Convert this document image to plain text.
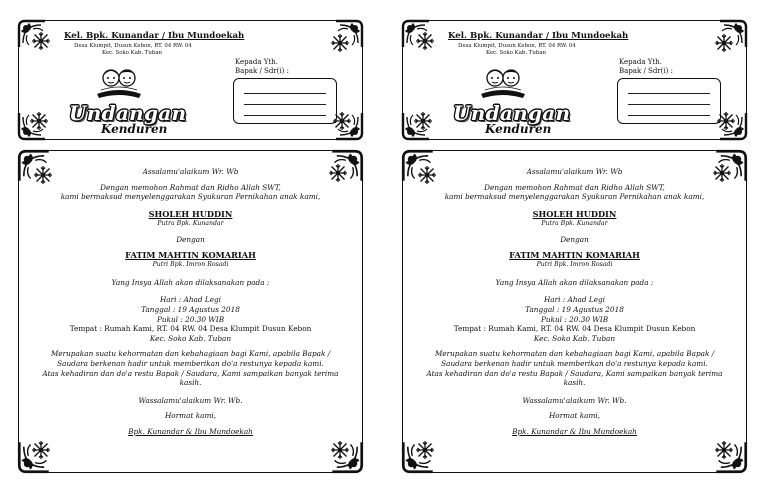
Kel. Bpk. Kunandar / Ibu Mundoekah
Desa Klumpit, Dusun Kebon, RT. 04 RW. 04
Kec. Soko Kab. Tuban
Kepada Yth.
Bapak / Sdr(i) :
Undangan
Kenduren

Assalamu'alaikum Wr. Wb

Dengan memohon Rahmat dan Ridho Allah SWT,

kami bermaksud menyelenggarakan Syukuran Pernikahan anak kami,

SHOLEH HUDDIN

Putra Bpk. Kunandar

Dengan

FATIM MAHTIN KOMARIAH

Putri Bpk. Imron Rosadi

Yang Insya Allah akan dilaksanakan pada :

Hari : Ahad Legi

Tanggal : 19 Agustus 2018

Pukul : 20.30 WIB

Tempat : Rumah Kami, RT. 04 RW. 04 Desa Klumpit Dusun Kebon

Kec. Soko Kab. Tuban

Merupakan suatu kehormatan dan kebahagiaan bagi Kami, apabila Bapak /

Saudara berkenan hadir untuk memberikan do'a restunya kepada kami.

Atas kehadiran dan do'a restu Bapak / Saudara, Kami sampaikan banyak terima

kasih.

Wassalamu'alaikum Wr. Wb.

Hormat kami,

Bpk. Kunandar & Ibu Mundoekah

Kel. Bpk. Kunandar / Ibu Mundoekah
Desa Klumpit, Dusun Kebon, RT. 04 RW. 04
Kec. Soko Kab. Tuban
Kepada Yth.
Bapak / Sdr(i) :
Undangan
Kenduren

Assalamu'alaikum Wr. Wb

Dengan memohon Rahmat dan Ridho Allah SWT,

kami bermaksud menyelenggarakan Syukuran Pernikahan anak kami,

SHOLEH HUDDIN

Putra Bpk. Kunandar

Dengan

FATIM MAHTIN KOMARIAH

Putri Bpk. Imron Rosadi

Yang Insya Allah akan dilaksanakan pada :

Hari : Ahad Legi

Tanggal : 19 Agustus 2018

Pukul : 20.30 WIB

Tempat : Rumah Kami, RT. 04 RW. 04 Desa Klumpit Dusun Kebon

Kec. Soko Kab. Tuban

Merupakan suatu kehormatan dan kebahagiaan bagi Kami, apabila Bapak /

Saudara berkenan hadir untuk memberikan do'a restunya kepada kami.

Atas kehadiran dan do'a restu Bapak / Saudara, Kami sampaikan banyak terima

kasih.

Wassalamu'alaikum Wr. Wb.

Hormat kami,

Bpk. Kunandar & Ibu Mundoekah
